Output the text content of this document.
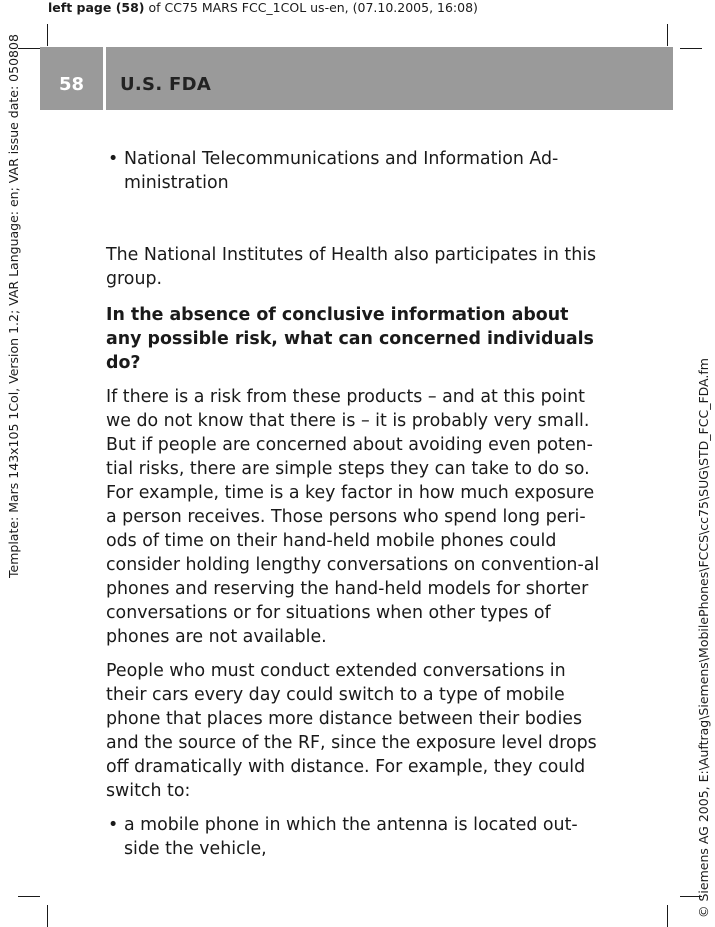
left page (58) of CC75 MARS FCC_1COL us-en, (07.10.2005, 16:08)
Template: Mars 143x105 1Col, Version 1.2; VAR Language: en; VAR issue date: 050808
© Siemens AG 2005, E:\Auftrag\Siemens\MobilePhones\FCCS\cc75\SUG\STD_FCC_FDA.fm
58	U.S. FDA

• National Telecommunications and Information Ad-ministration

The National Institutes of Health also participates in this group.

In the absence of conclusive information about any possible risk, what can concerned individuals do?

If there is a risk from these products – and at this point we do not know that there is – it is probably very small. But if people are concerned about avoiding even poten-tial risks, there are simple steps they can take to do so. For example, time is a key factor in how much exposure a person receives. Those persons who spend long peri-ods of time on their hand-held mobile phones could consider holding lengthy conversations on convention-al phones and reserving the hand-held models for shorter conversations or for situations when other types of phones are not available.

People who must conduct extended conversations in their cars every day could switch to a type of mobile phone that places more distance between their bodies and the source of the RF, since the exposure level drops off dramatically with distance. For example, they could switch to:

• a mobile phone in which the antenna is located out-side the vehicle,
